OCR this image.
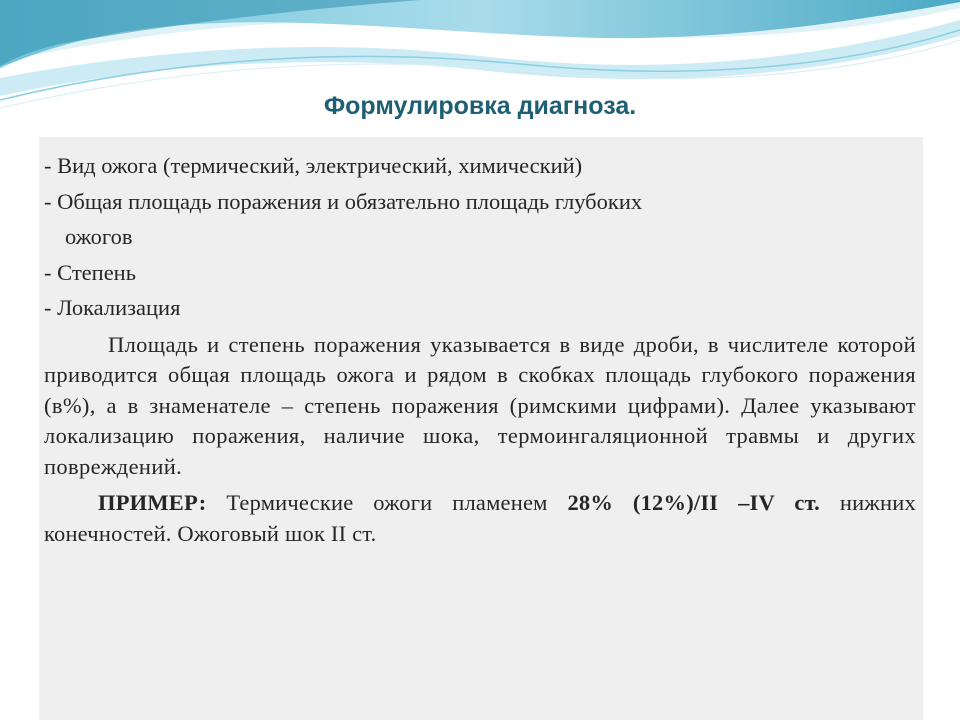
Формулировка диагноза.

- Вид ожога (термический, электрический, химический)

- Общая площадь поражения и обязательно площадь глубоких

ожогов

- Степень

- Локализация

Площадь и степень поражения указывается в виде дроби, в числителе которой приводится общая площадь ожога и рядом в скобках площадь глубокого поражения (в%), а в знаменателе – степень поражения (римскими цифрами). Далее указывают локализацию поражения, наличие шока, термоингаляционной травмы и других повреждений.

ПРИМЕР: Термические ожоги пламенем 28% (12%)/II –IV ст. нижних конечностей. Ожоговый шок II ст.
